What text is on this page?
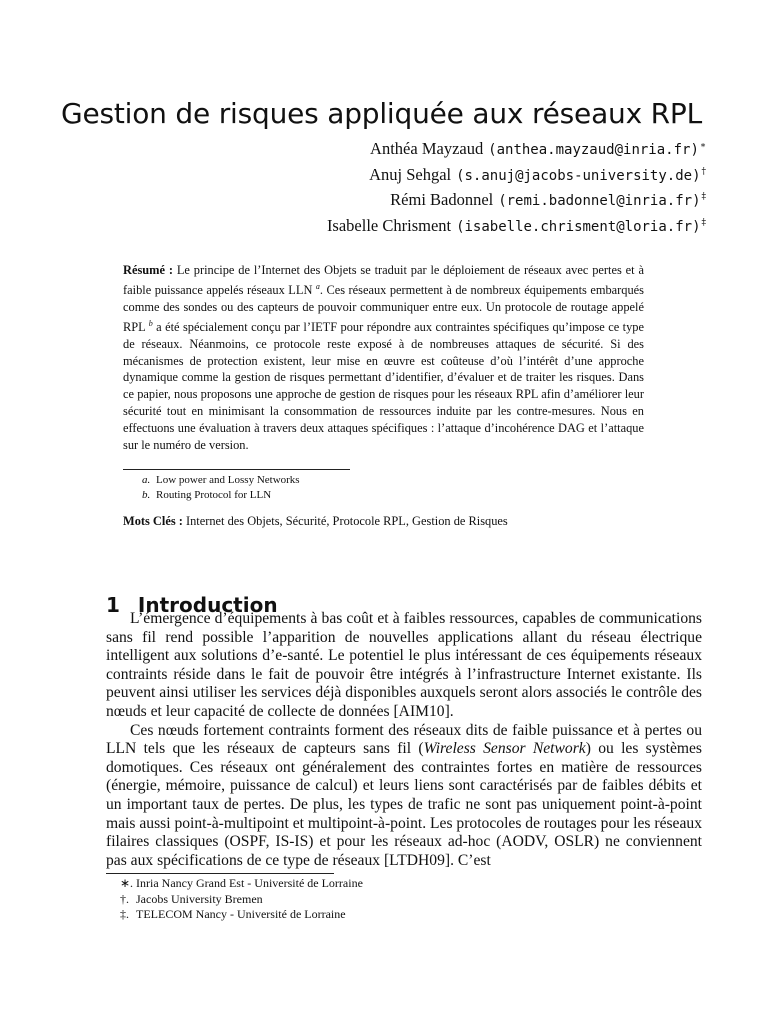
Gestion de risques appliquée aux réseaux RPL
Anthéa Mayzaud (anthea.mayzaud@inria.fr)∗
Anuj Sehgal (s.anuj@jacobs-university.de)†
Rémi Badonnel (remi.badonnel@inria.fr)‡
Isabelle Chrisment (isabelle.chrisment@loria.fr)‡
Résumé : Le principe de l’Internet des Objets se traduit par le déploiement de réseaux avec pertes et à faible puissance appelés réseaux LLN $^a$. Ces réseaux permettent à de nombreux équipements embarqués comme des sondes ou des capteurs de pouvoir communiquer entre eux. Un protocole de routage appelé RPL $^b$ a été spécialement conçu par l’IETF pour répondre aux contraintes spécifiques qu’impose ce type de réseaux. Néanmoins, ce protocole reste exposé à de nombreuses attaques de sécurité. Si des mécanismes de protection existent, leur mise en œuvre est coûteuse d’où l’intérêt d’une approche dynamique comme la gestion de risques permettant d’identifier, d’évaluer et de traiter les risques. Dans ce papier, nous proposons une approche de gestion de risques pour les réseaux RPL afin d’améliorer leur sécurité tout en minimisant la consommation de ressources induite par les contre-mesures. Nous en effectuons une évaluation à travers deux attaques spécifiques : l’attaque d’incohérence DAG et l’attaque sur le numéro de version.
a. Low power and Lossy Networks
b. Routing Protocol for LLN
Mots Clés : Internet des Objets, Sécurité, Protocole RPL, Gestion de Risques
1 Introduction

L’émergence d’équipements à bas coût et à faibles ressources, capables de communications sans fil rend possible l’apparition de nouvelles applications allant du réseau électrique intelligent aux solutions d’e-santé. Le potentiel le plus intéressant de ces équipements réseaux contraints réside dans le fait de pouvoir être intégrés à l’infrastructure Internet existante. Ils peuvent ainsi utiliser les services déjà disponibles auxquels seront alors associés le contrôle des nœuds et leur capacité de collecte de données [AIM10].

Ces nœuds fortement contraints forment des réseaux dits de faible puissance et à pertes ou LLN tels que les réseaux de capteurs sans fil (Wireless Sensor Network) ou les systèmes domotiques. Ces réseaux ont généralement des contraintes fortes en matière de ressources (énergie, mémoire, puissance de calcul) et leurs liens sont caractérisés par de faibles débits et un important taux de pertes. De plus, les types de trafic ne sont pas uniquement point-à-point mais aussi point-à-multipoint et multipoint-à-point. Les protocoles de routages pour les réseaux filaires classiques (OSPF, IS-IS) et pour les réseaux ad-hoc (AODV, OSLR) ne conviennent pas aux spécifications de ce type de réseaux [LTDH09]. C’est

∗. Inria Nancy Grand Est - Université de Lorraine
†. Jacobs University Bremen
‡. TELECOM Nancy - Université de Lorraine
